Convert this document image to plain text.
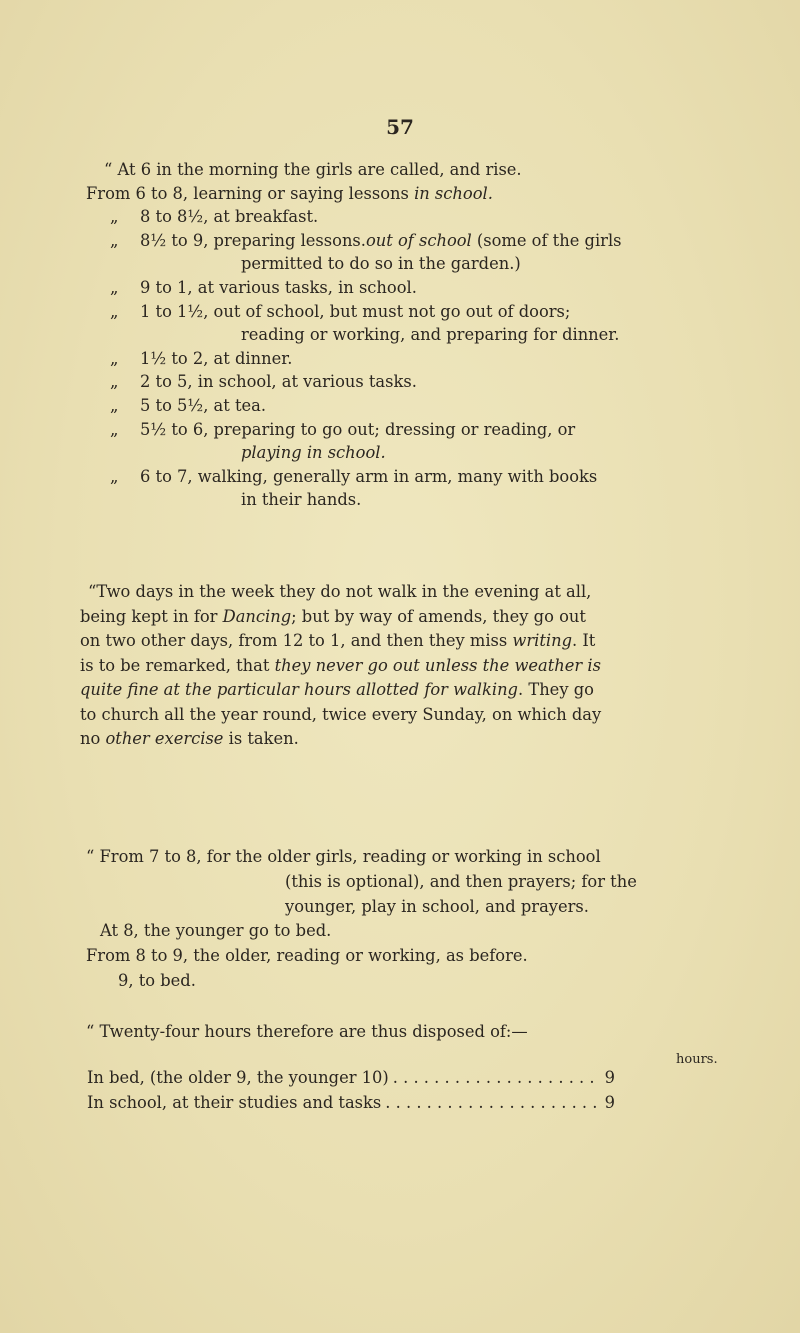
57
“ At 6 in the morning the girls are called, and rise.
From 6 to 8, learning or saying lessons in school.
„ 8 to 8½, at breakfast.
„ 8½ to 9, preparing lessons.out of school (some of the girls
permitted to do so in the garden.)
„ 9 to 1, at various tasks, in school.
„ 1 to 1½, out of school, but must not go out of doors;
reading or working, and preparing for dinner.
„ 1½ to 2, at dinner.
„ 2 to 5, in school, at various tasks.
„ 5 to 5½, at tea.
„ 5½ to 6, preparing to go out; dressing or reading, or
playing in school.
„ 6 to 7, walking, generally arm in arm, many with books
in their hands.
“Two days in the week they do not walk in the evening at all,
being kept in for Dancing; but by way of amends, they go out
on two other days, from 12 to 1, and then they miss writing. It
is to be remarked, that they never go out unless the weather is
quite fine at the particular hours allotted for walking. They go
to church all the year round, twice every Sunday, on which day
no other exercise is taken.
“ From 7 to 8, for the older girls, reading or working in school
(this is optional), and then prayers; for the
younger, play in school, and prayers.
At 8, the younger go to bed.
From 8 to 9, the older, reading or working, as before.
9, to bed.
“ Twenty-four hours therefore are thus disposed of:—
hours.
In bed, (the older 9, the younger 10) . . .	9
In school, at their studies and tasks . . .	9
